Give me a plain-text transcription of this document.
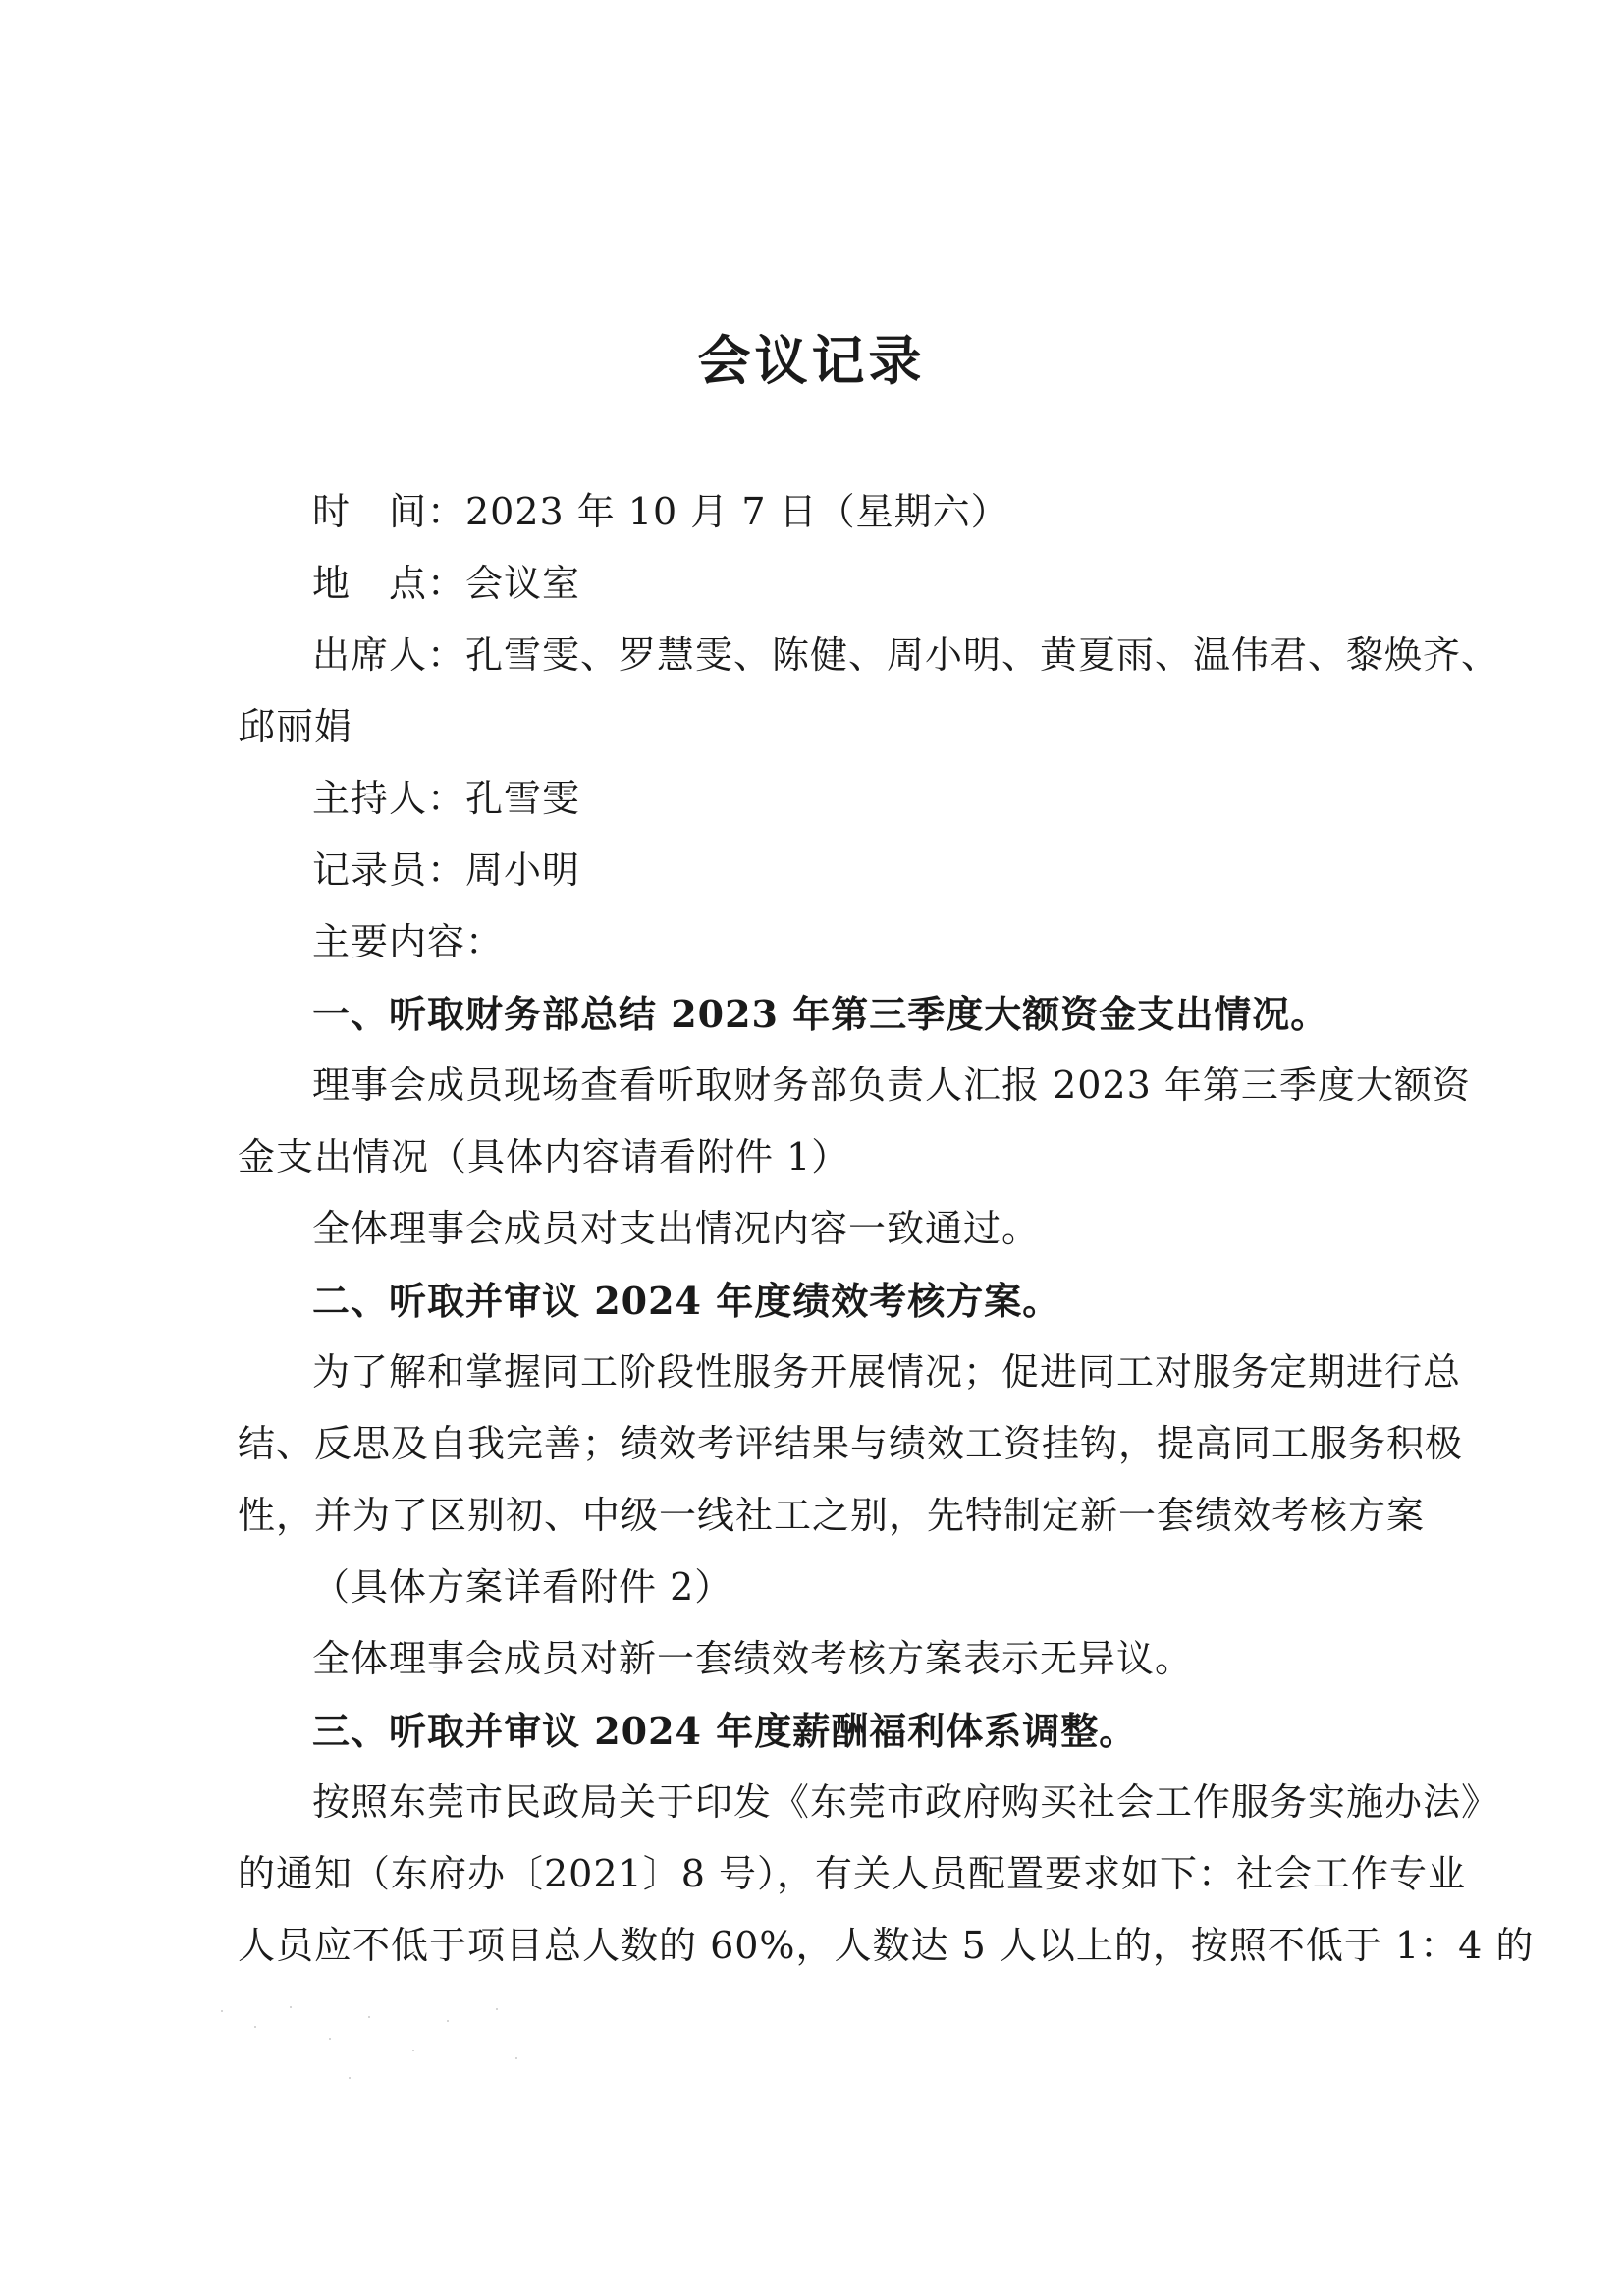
会议记录
时　间：2023 年 10 月 7 日（星期六）
地　点：会议室
出席人：孔雪雯、罗慧雯、陈健、周小明、黄夏雨、温伟君、黎焕齐、
邱丽娟
主持人：孔雪雯
记录员：周小明
主要内容：
一、听取财务部总结 2023 年第三季度大额资金支出情况。
理事会成员现场查看听取财务部负责人汇报 2023 年第三季度大额资
金支出情况（具体内容请看附件 1）
全体理事会成员对支出情况内容一致通过。
二、听取并审议 2024 年度绩效考核方案。
为了解和掌握同工阶段性服务开展情况；促进同工对服务定期进行总
结、反思及自我完善；绩效考评结果与绩效工资挂钩，提高同工服务积极
性，并为了区别初、中级一线社工之别，先特制定新一套绩效考核方案
（具体方案详看附件 2）
全体理事会成员对新一套绩效考核方案表示无异议。
三、听取并审议 2024 年度薪酬福利体系调整。
按照东莞市民政局关于印发《东莞市政府购买社会工作服务实施办法》
的通知（东府办〔2021〕8 号），有关人员配置要求如下：社会工作专业
人员应不低于项目总人数的 60%，人数达 5 人以上的，按照不低于 1：4 的
